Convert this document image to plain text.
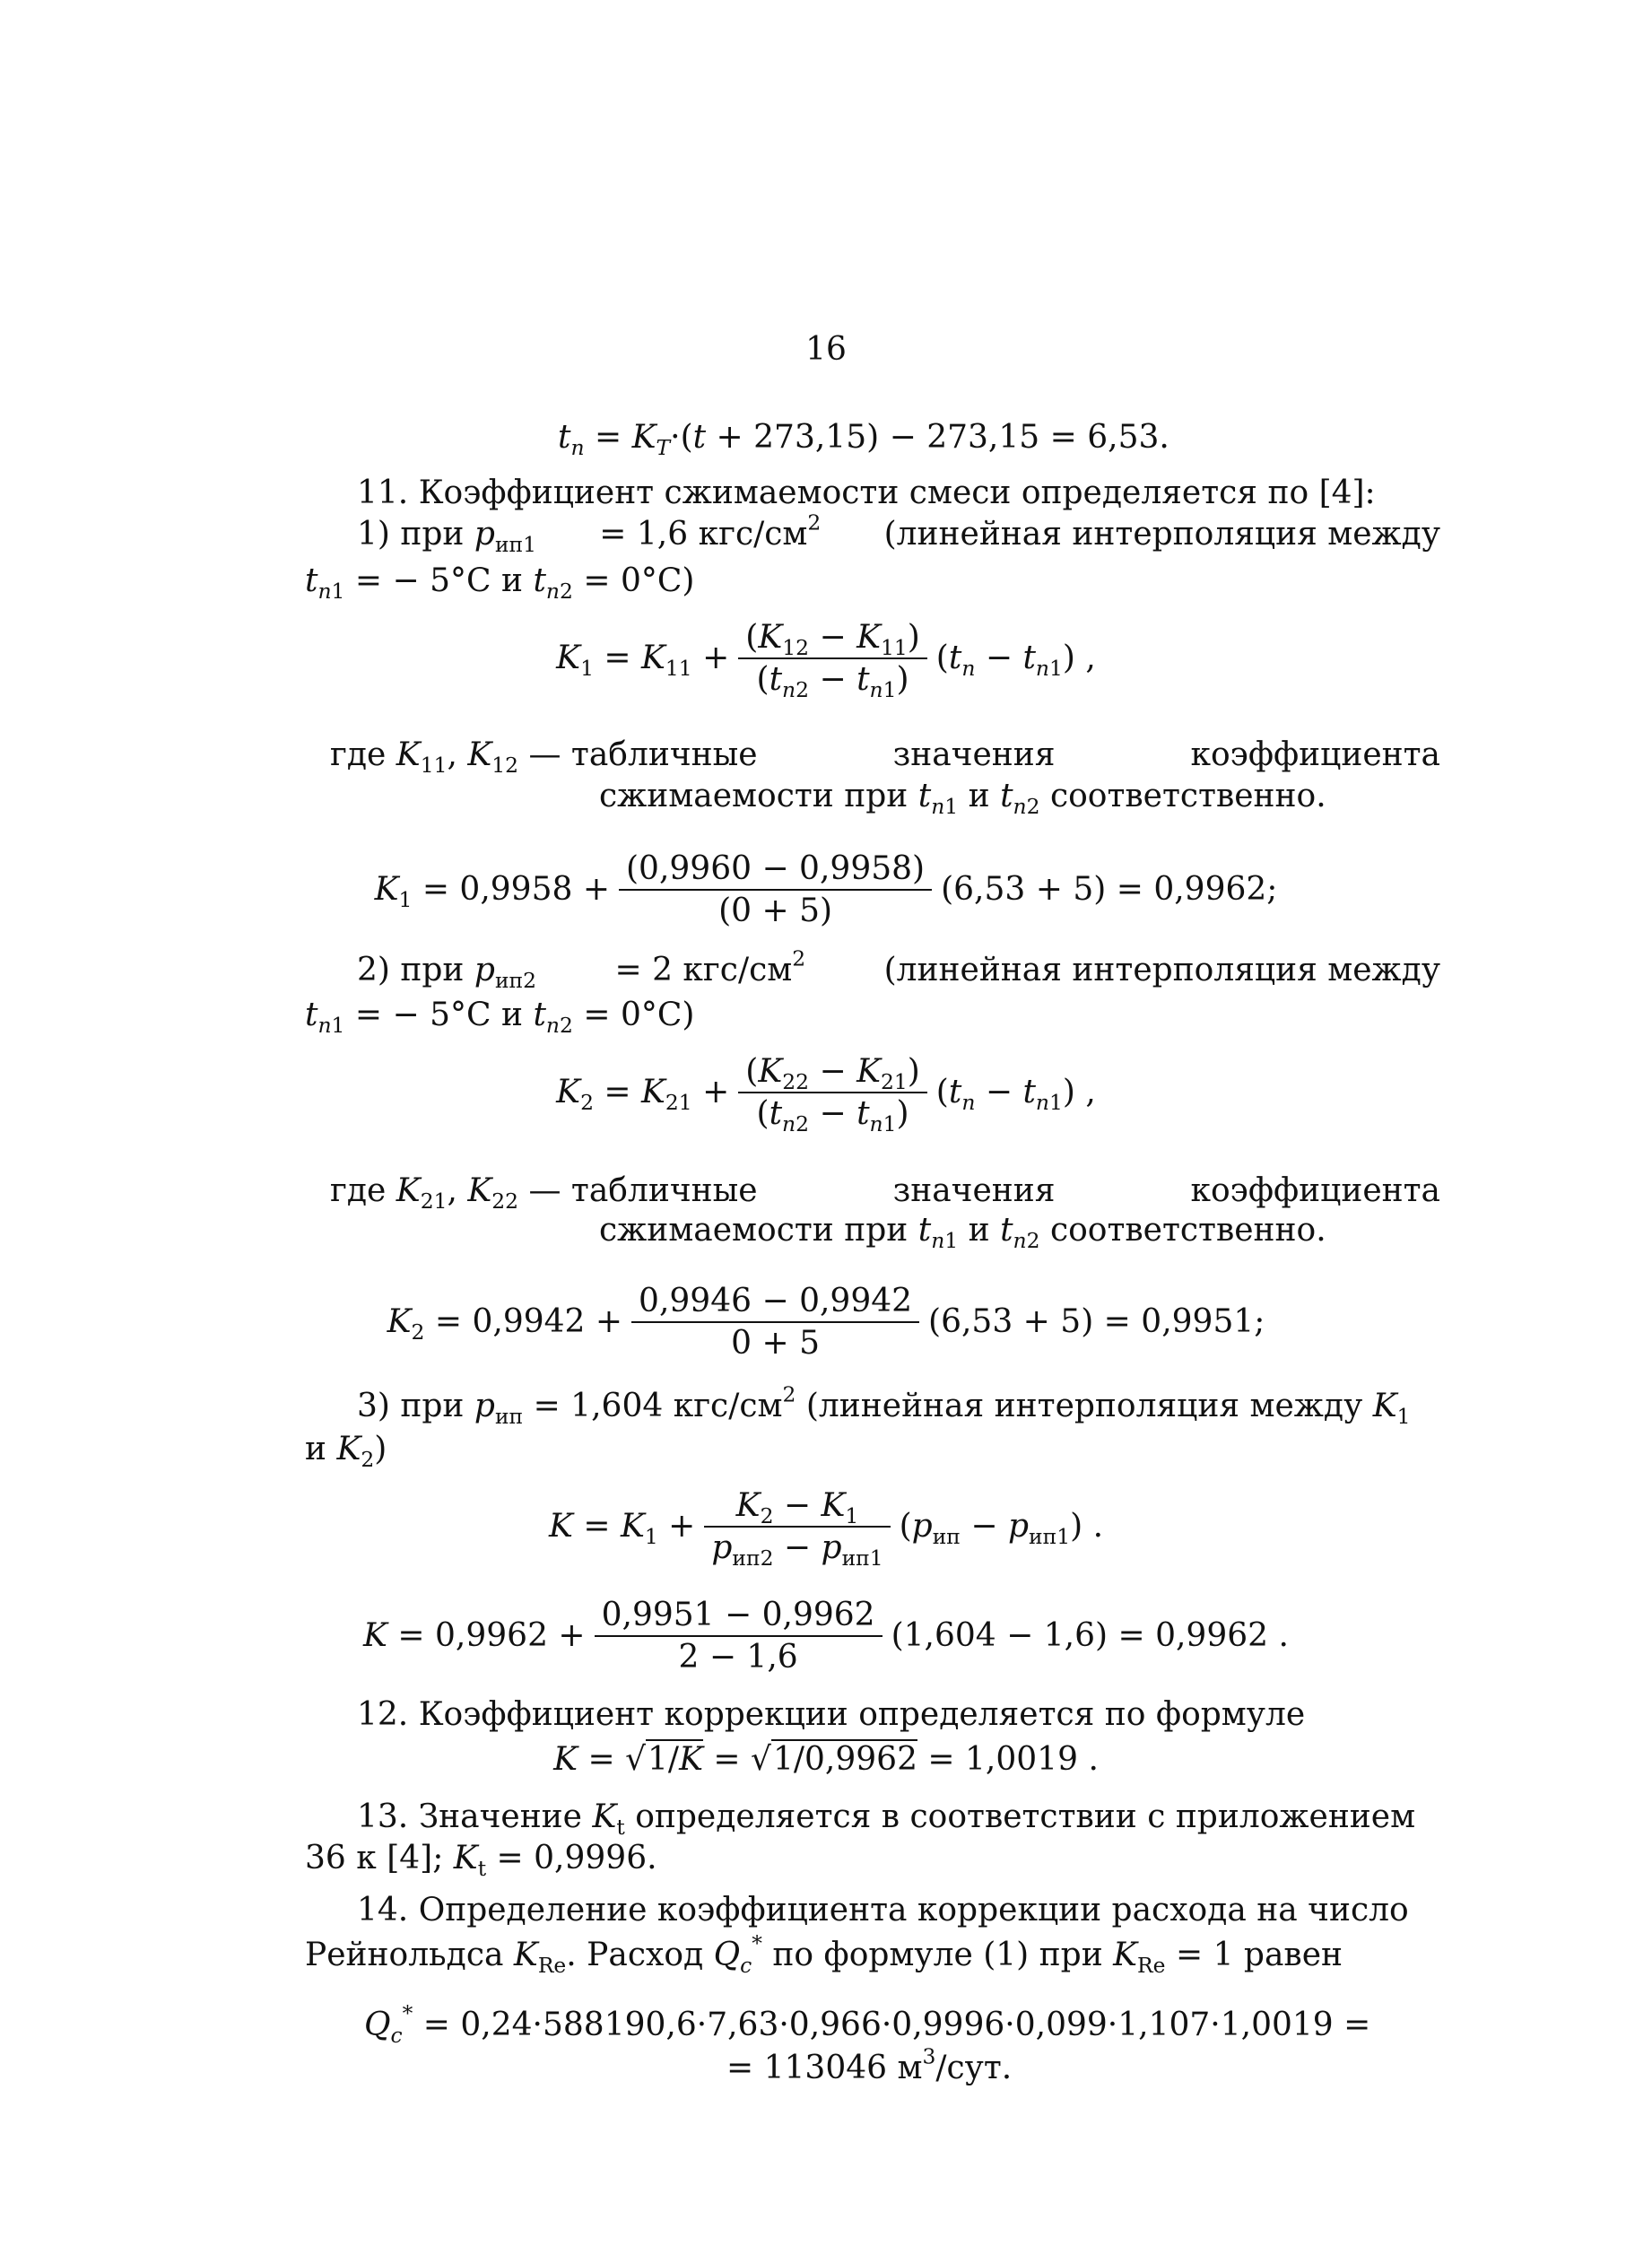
16
$t_п = K_T\cdot(t + 273,15) - 273,15 = 6,53$.
11. Коэффициент сжимаемости смеси определяется по [4]:
1) при $p_{ип1} = 1,6$ кгс/$см^2$ (линейная интерполяция между
$t_{п1}$ = − 5°С и $t_{п2} = 0^\circ С$)
$K_1 = K_{11} + \frac{(K_{12} - K_{11})}{(t_{п2} - t_{п1})} (t_п - t_{п1})$ ,
где $K_{11}$, $K_{12}$ — табличные	значения	коэффициента
сжимаемости при $t_{п1}$ и $t_{п2}$ соответственно.
$K_1 = 0,9958 + \frac{(0,9960 - 0,9958)}{(0 + 5)} (6,53 + 5) = 0,9962$;
2) при $p_{ип2} = 2$ кгс/$см^2$ (линейная интерполяция между
$t_{п1}$ = − 5°С и $t_{п2} = 0^\circ С$)
$K_2 = K_{21} + \frac{(K_{22} - K_{21})}{(t_{п2} - t_{п1})} (t_п - t_{п1})$ ,
где $K_{21}$, $K_{22}$ — табличные	значения	коэффициента
сжимаемости при $t_{п1}$ и $t_{п2}$ соответственно.
$K_2 = 0,9942 + \frac{0,9946 - 0,9942}{0 + 5} (6,53 + 5) = 0,9951$;
3) при $p_{ип} = 1,604$ кгс/$см^2$ (линейная интерполяция между $K_1$
и $K_2$)
$K = K_1 + \frac{K_2 - K_1}{p_{ип2} - p_{ип1}} (p_{ип} - p_{ип1})$ .
$K = 0,9962 + \frac{0,9951 - 0,9962}{2 - 1,6} (1,604 - 1,6) = 0,9962$ .
12. Коэффициент коррекции определяется по формуле
K = √1/K = √1/0,9962 = 1,0019 .
13. Значение $K_t$ определяется в соответствии с приложением
36 к [4]; $K_t = 0,9996$.
14. Определение коэффициента коррекции расхода на число
Рейнольдса $K_{Re}$. Расход $Q_c^*$ по формуле (1) при $K_{Re} = 1$ равен
$Q_c^* = 0,24\cdot 588190,6\cdot 7,63\cdot 0,966\cdot 0,9996\cdot 0,099\cdot 1,107\cdot 1,0019$ =
= 113046 $м^3$/сут.
